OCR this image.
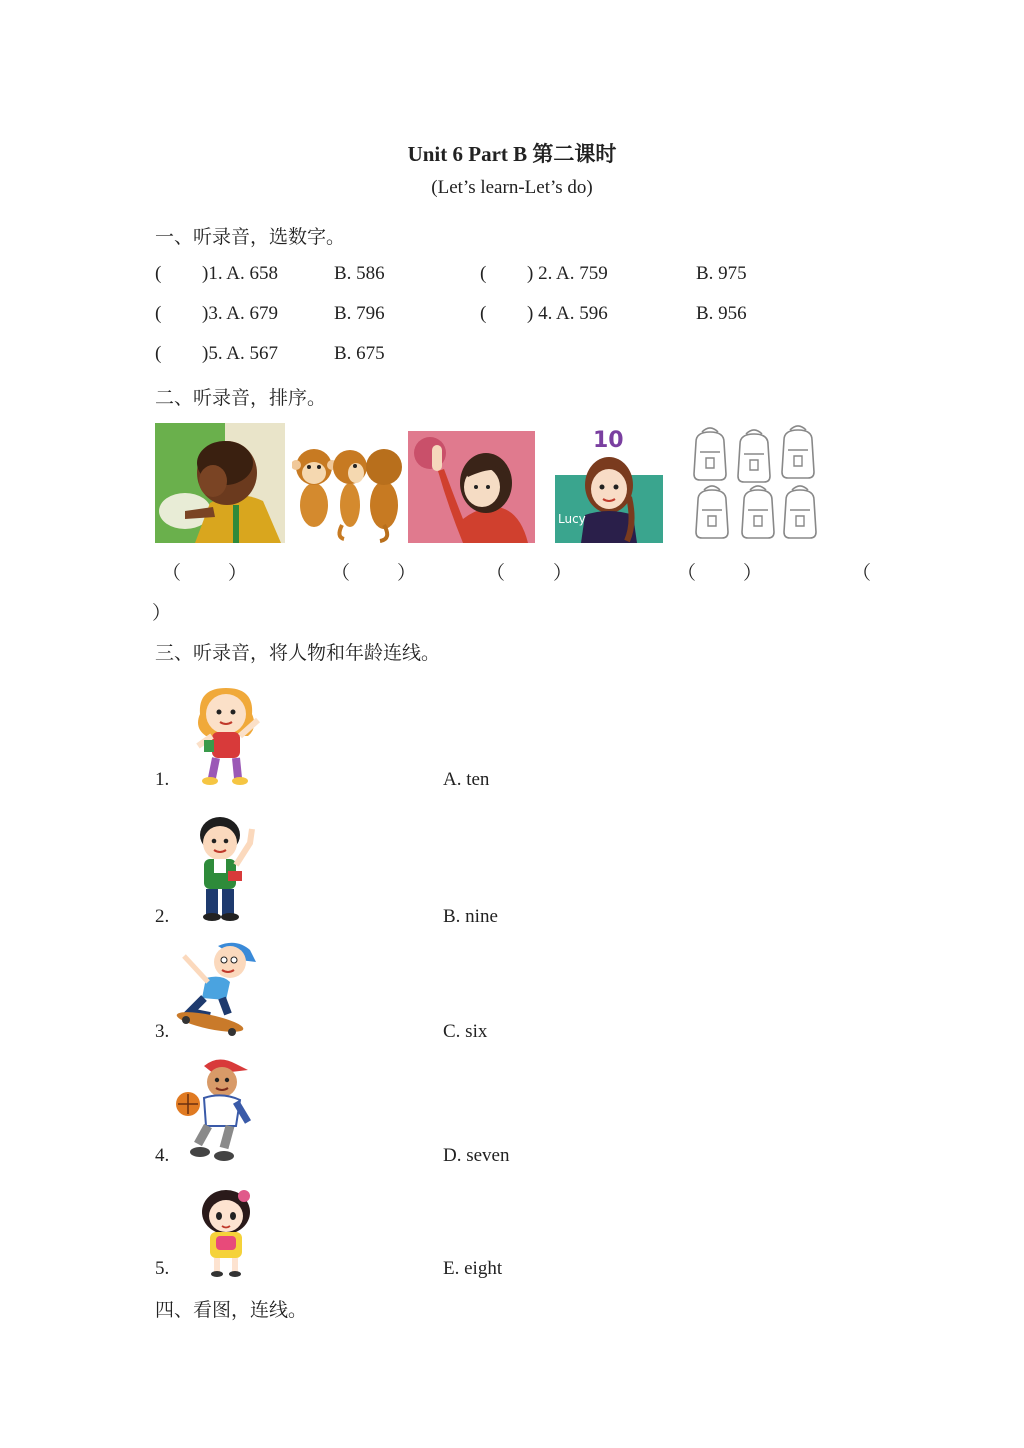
Unit 6 Part B 第二课时
(Let’s learn-Let’s do)
一、听录音，选数字。
( )1. A. 658	B. 586	( ) 2. A. 759	B. 975
( )3. A. 679	B. 796	( ) 4. A. 596	B. 956
( )5. A. 567	B. 675
二、听录音，排序。
10
Lucy
（ ）	（ ）	（	）	（ ）	（
）
三、听录音，将人物和年龄连线。
1.	A. ten
2.	B. nine
3.	C. six
4.	D. seven
5.	E. eight
四、看图，连线。
